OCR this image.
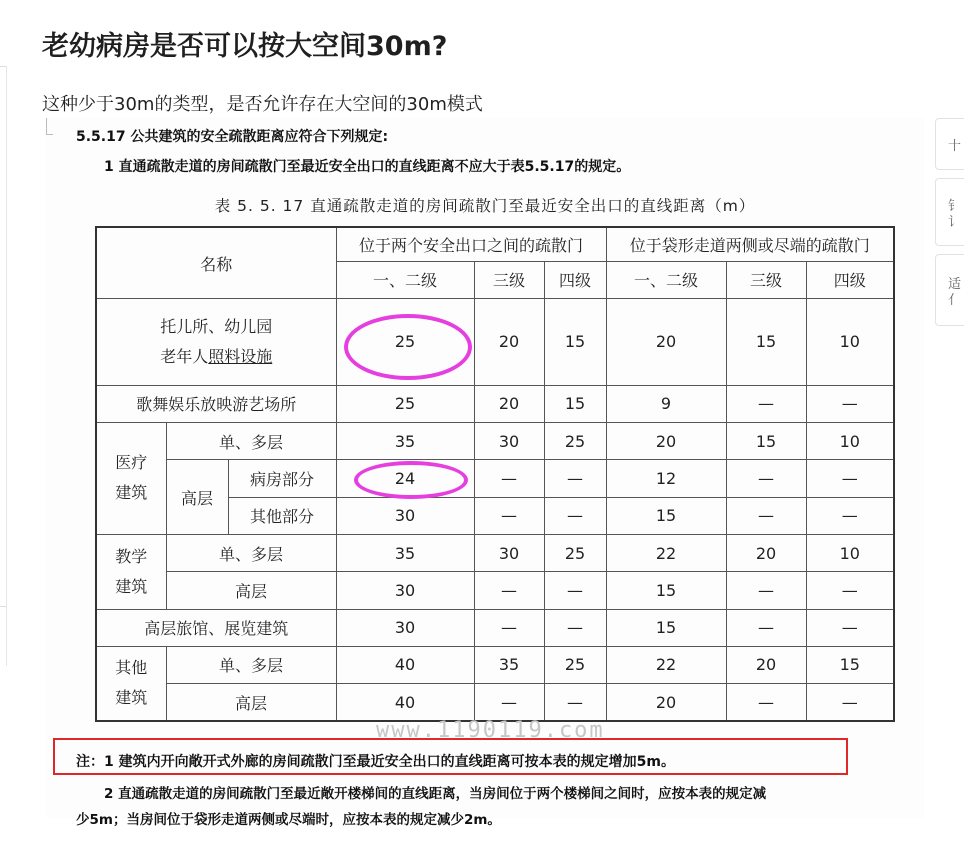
老幼病房是否可以按大空间30m?

这种少于30m的类型，是否允许存在大空间的30m模式

5.5.17 公共建筑的安全疏散距离应符合下列规定:

1 直通疏散走道的房间疏散门至最近安全出口的直线距离不应大于表5.5.17的规定。

表 5. 5. 17 直通疏散走道的房间疏散门至最近安全出口的直线距离（m）
名称			位于两个安全出口之间的疏散门			位于袋形走道两侧或尽端的疏散门		
			一、二级	三级	四级	一、二级	三级	四级
托儿所、幼儿园
老年人照料设施			25	20	15	20	15	10
歌舞娱乐放映游艺场所			25	20	15	9	—	—
医疗
建筑	单、多层		35	30	25	20	15	10
	高层	病房部分	24	—	—	12	—	—
		其他部分	30	—	—	15	—	—
教学
建筑	单、多层		35	30	25	22	20	10
	高层		30	—	—	15	—	—
高层旅馆、展览建筑			30	—	—	15	—	—
其他
建筑	单、多层		40	35	25	22	20	15
	高层		40	—	—	20	—	—
www.1190119.com

注：1 建筑内开向敞开式外廊的房间疏散门至最近安全出口的直线距离可按本表的规定增加5m。

2 直通疏散走道的房间疏散门至最近敞开楼梯间的直线距离，当房间位于两个楼梯间之间时，应按本表的规定减

少5m；当房间位于袋形走道两侧或尽端时，应按本表的规定减少2m。

十
钅讠
适亻
